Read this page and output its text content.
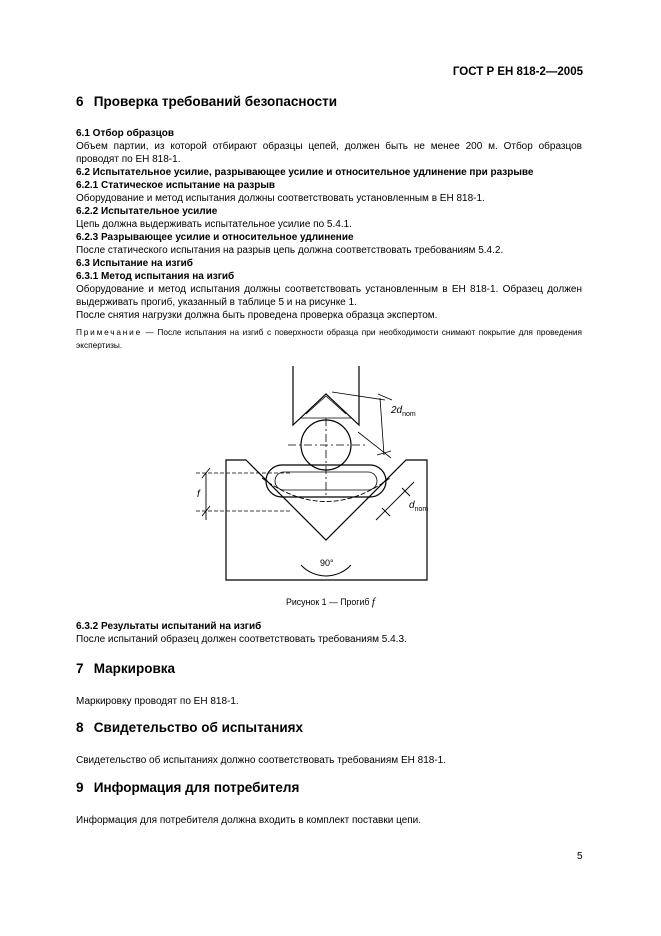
ГОСТ Р ЕН 818-2—2005
6 Проверка требований безопасности
6.1 Отбор образцов
Объем партии, из которой отбирают образцы цепей, должен быть не менее 200 м. Отбор образцов проводят по ЕН 818-1.
6.2 Испытательное усилие, разрывающее усилие и относительное удлинение при разрыве
6.2.1 Статическое испытание на разрыв
Оборудование и метод испытания должны соответствовать установленным в ЕН 818-1.
6.2.2 Испытательное усилие
Цепь должна выдерживать испытательное усилие по 5.4.1.
6.2.3 Разрывающее усилие и относительное удлинение
После статического испытания на разрыв цепь должна соответствовать требованиям 5.4.2.
6.3 Испытание на изгиб
6.3.1 Метод испытания на изгиб
Оборудование и метод испытания должны соответствовать установленным в ЕН 818-1. Образец должен выдерживать прогиб, указанный в таблице 5 и на рисунке 1.
После снятия нагрузки должна быть проведена проверка образца экспертом.
Примечание — После испытания на изгиб с поверхности образца при необходимости снимают покрытие для проведения экспертизы.
$2d_{nom}$
$d_{nom}$
f
90°
Рисунок 1 — Прогиб f
6.3.2 Результаты испытаний на изгиб
После испытаний образец должен соответствовать требованиям 5.4.3.
7 Маркировка
Маркировку проводят по ЕН 818-1.
8 Свидетельство об испытаниях
Свидетельство об испытаниях должно соответствовать требованиям ЕН 818-1.
9 Информация для потребителя
Информация для потребителя должна входить в комплект поставки цепи.
5
